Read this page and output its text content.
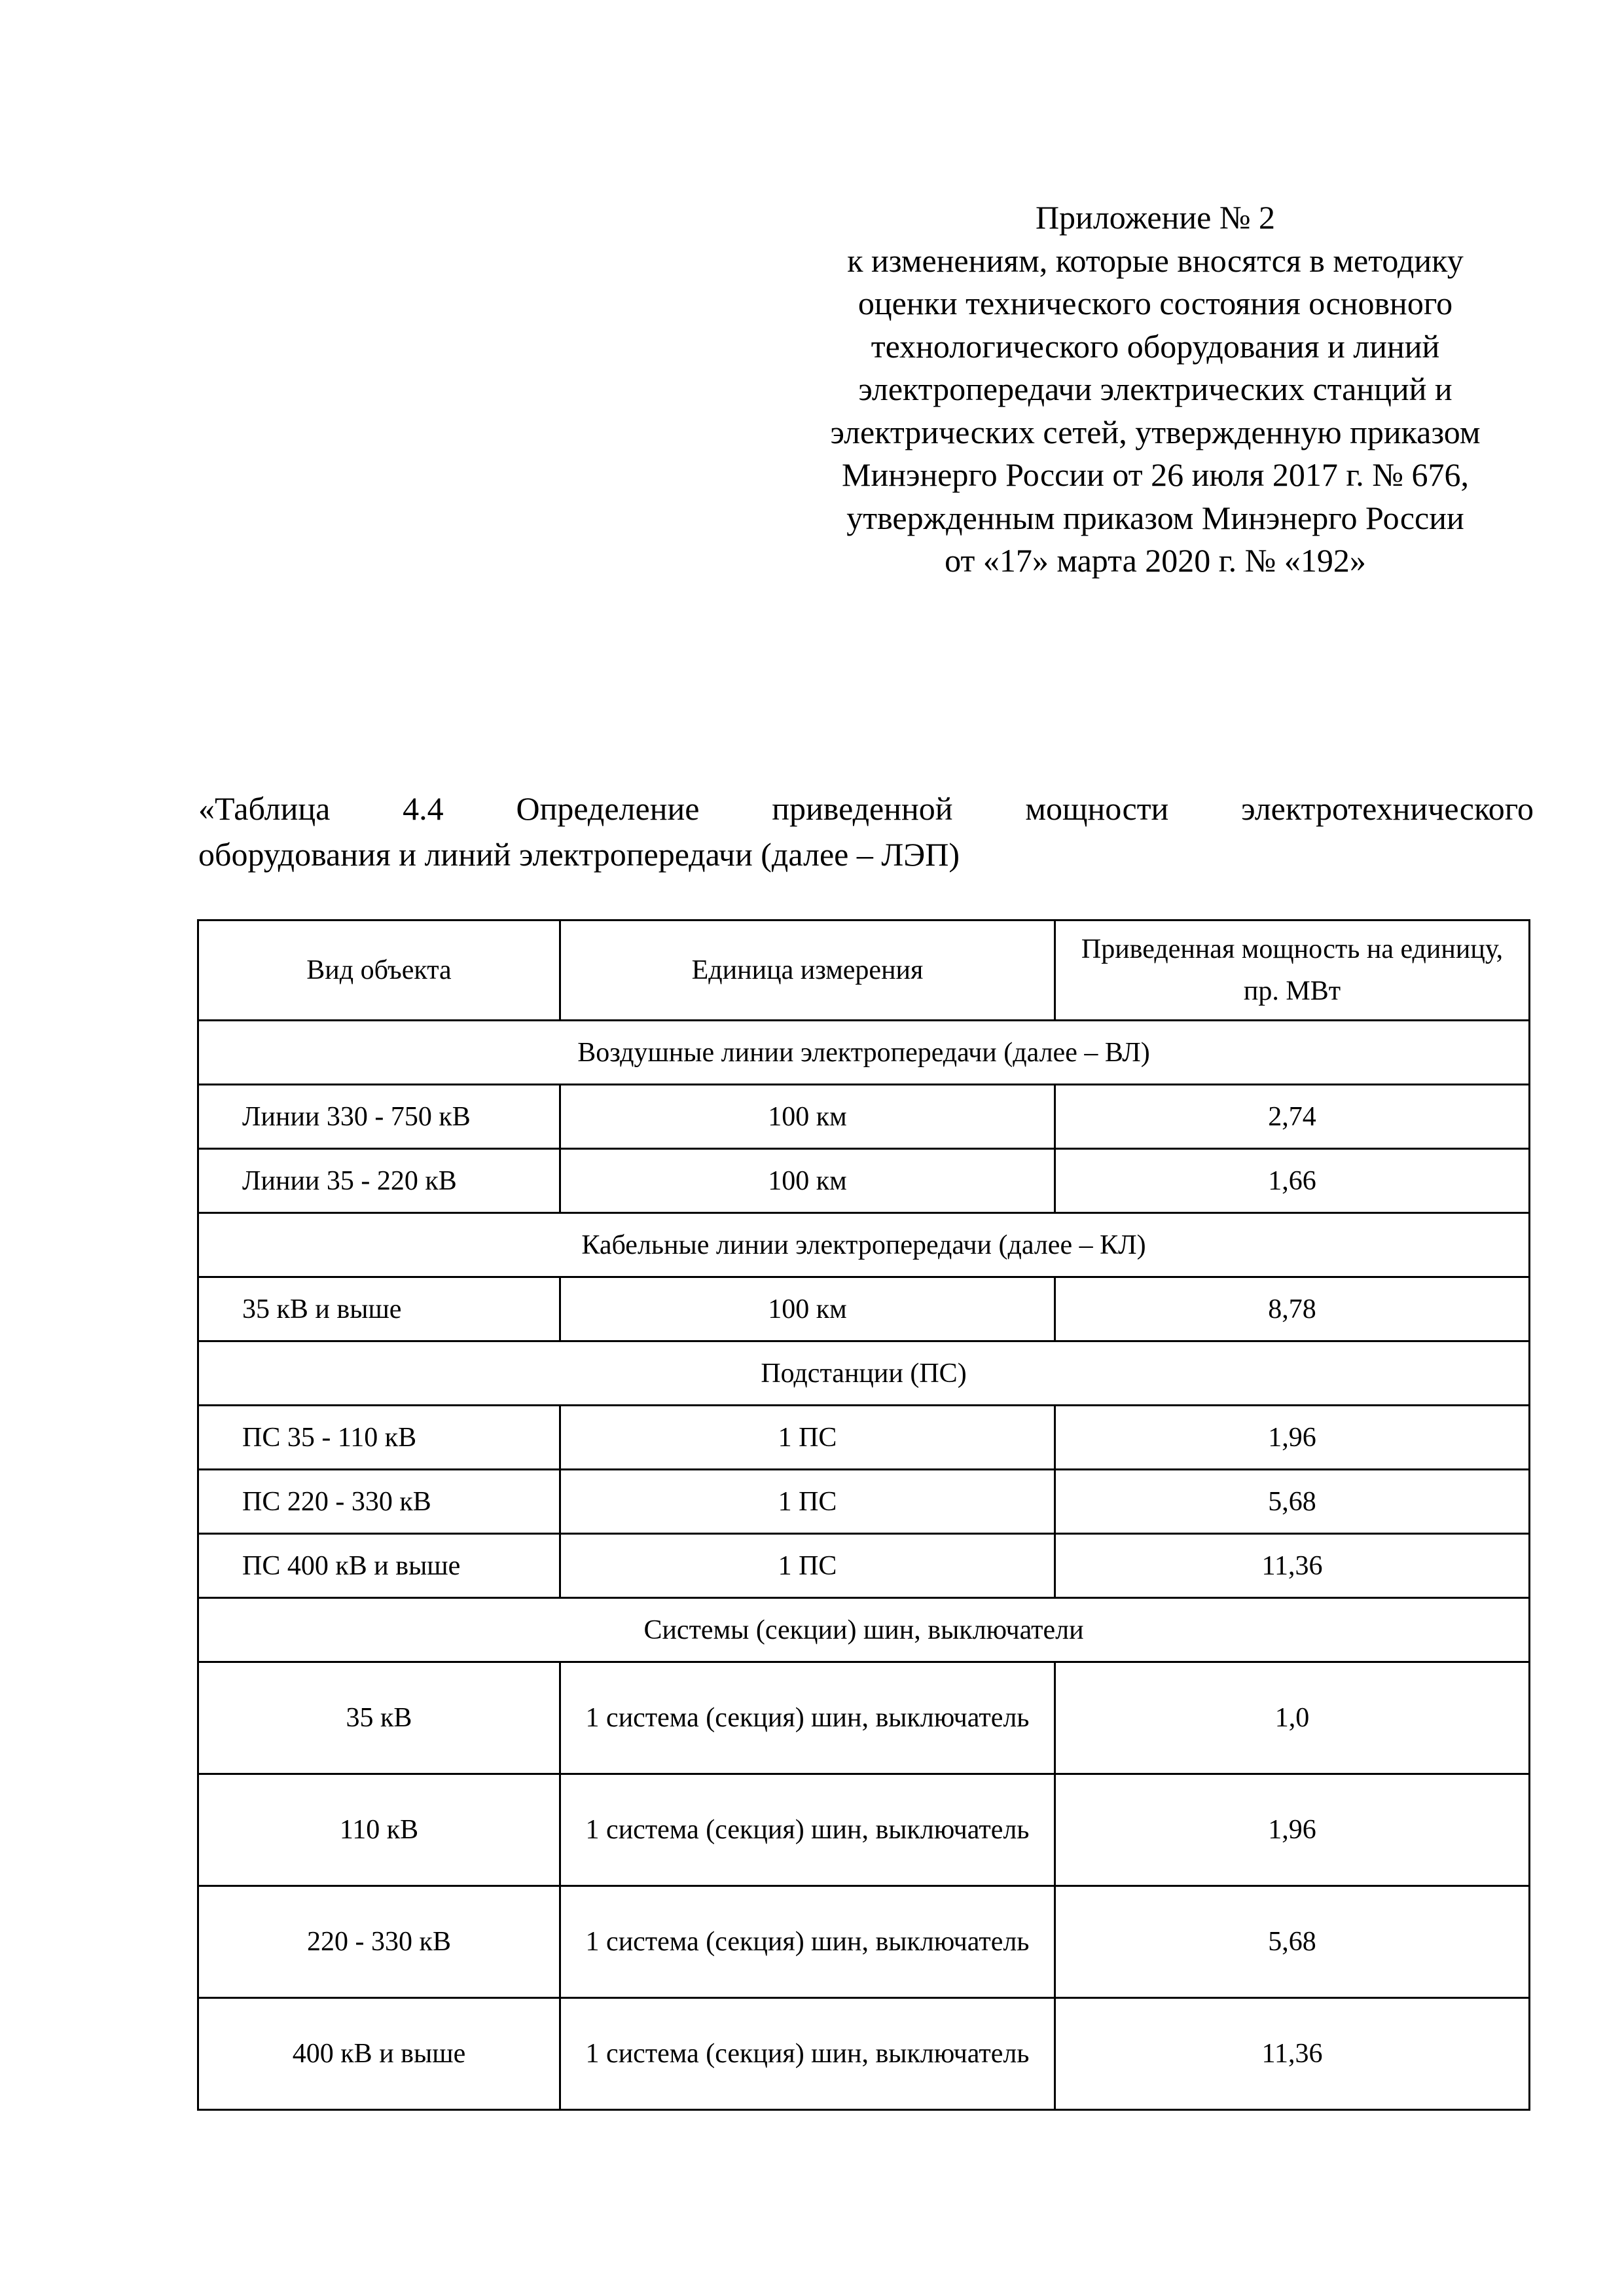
Приложение № 2
к изменениям, которые вносятся в методику
оценки технического состояния основного
технологического оборудования и линий
электропередачи электрических станций и
электрических сетей, утвержденную приказом
Минэнерго России от 26 июля 2017 г. № 676,
утвержденным приказом Минэнерго России
от «17» марта 2020 г. № «192»
«Таблица 4.4 Определение приведенной мощности электротехнического
оборудования и линий электропередачи (далее – ЛЭП)
Вид объекта	Единица измерения	Приведенная мощность на единицу, пр. МВт
Воздушные линии электропередачи (далее – ВЛ)		
Линии 330 - 750 кВ	100 км	2,74
Линии 35 - 220 кВ	100 км	1,66
Кабельные линии электропередачи (далее – КЛ)		
35 кВ и выше	100 км	8,78
Подстанции (ПС)		
ПС 35 - 110 кВ	1 ПС	1,96
ПС 220 - 330 кВ	1 ПС	5,68
ПС 400 кВ и выше	1 ПС	11,36
Системы (секции) шин, выключатели		
35 кВ	1 система (секция) шин, выключатель	1,0
110 кВ	1 система (секция) шин, выключатель	1,96
220 - 330 кВ	1 система (секция) шин, выключатель	5,68
400 кВ и выше	1 система (секция) шин, выключатель	11,36
